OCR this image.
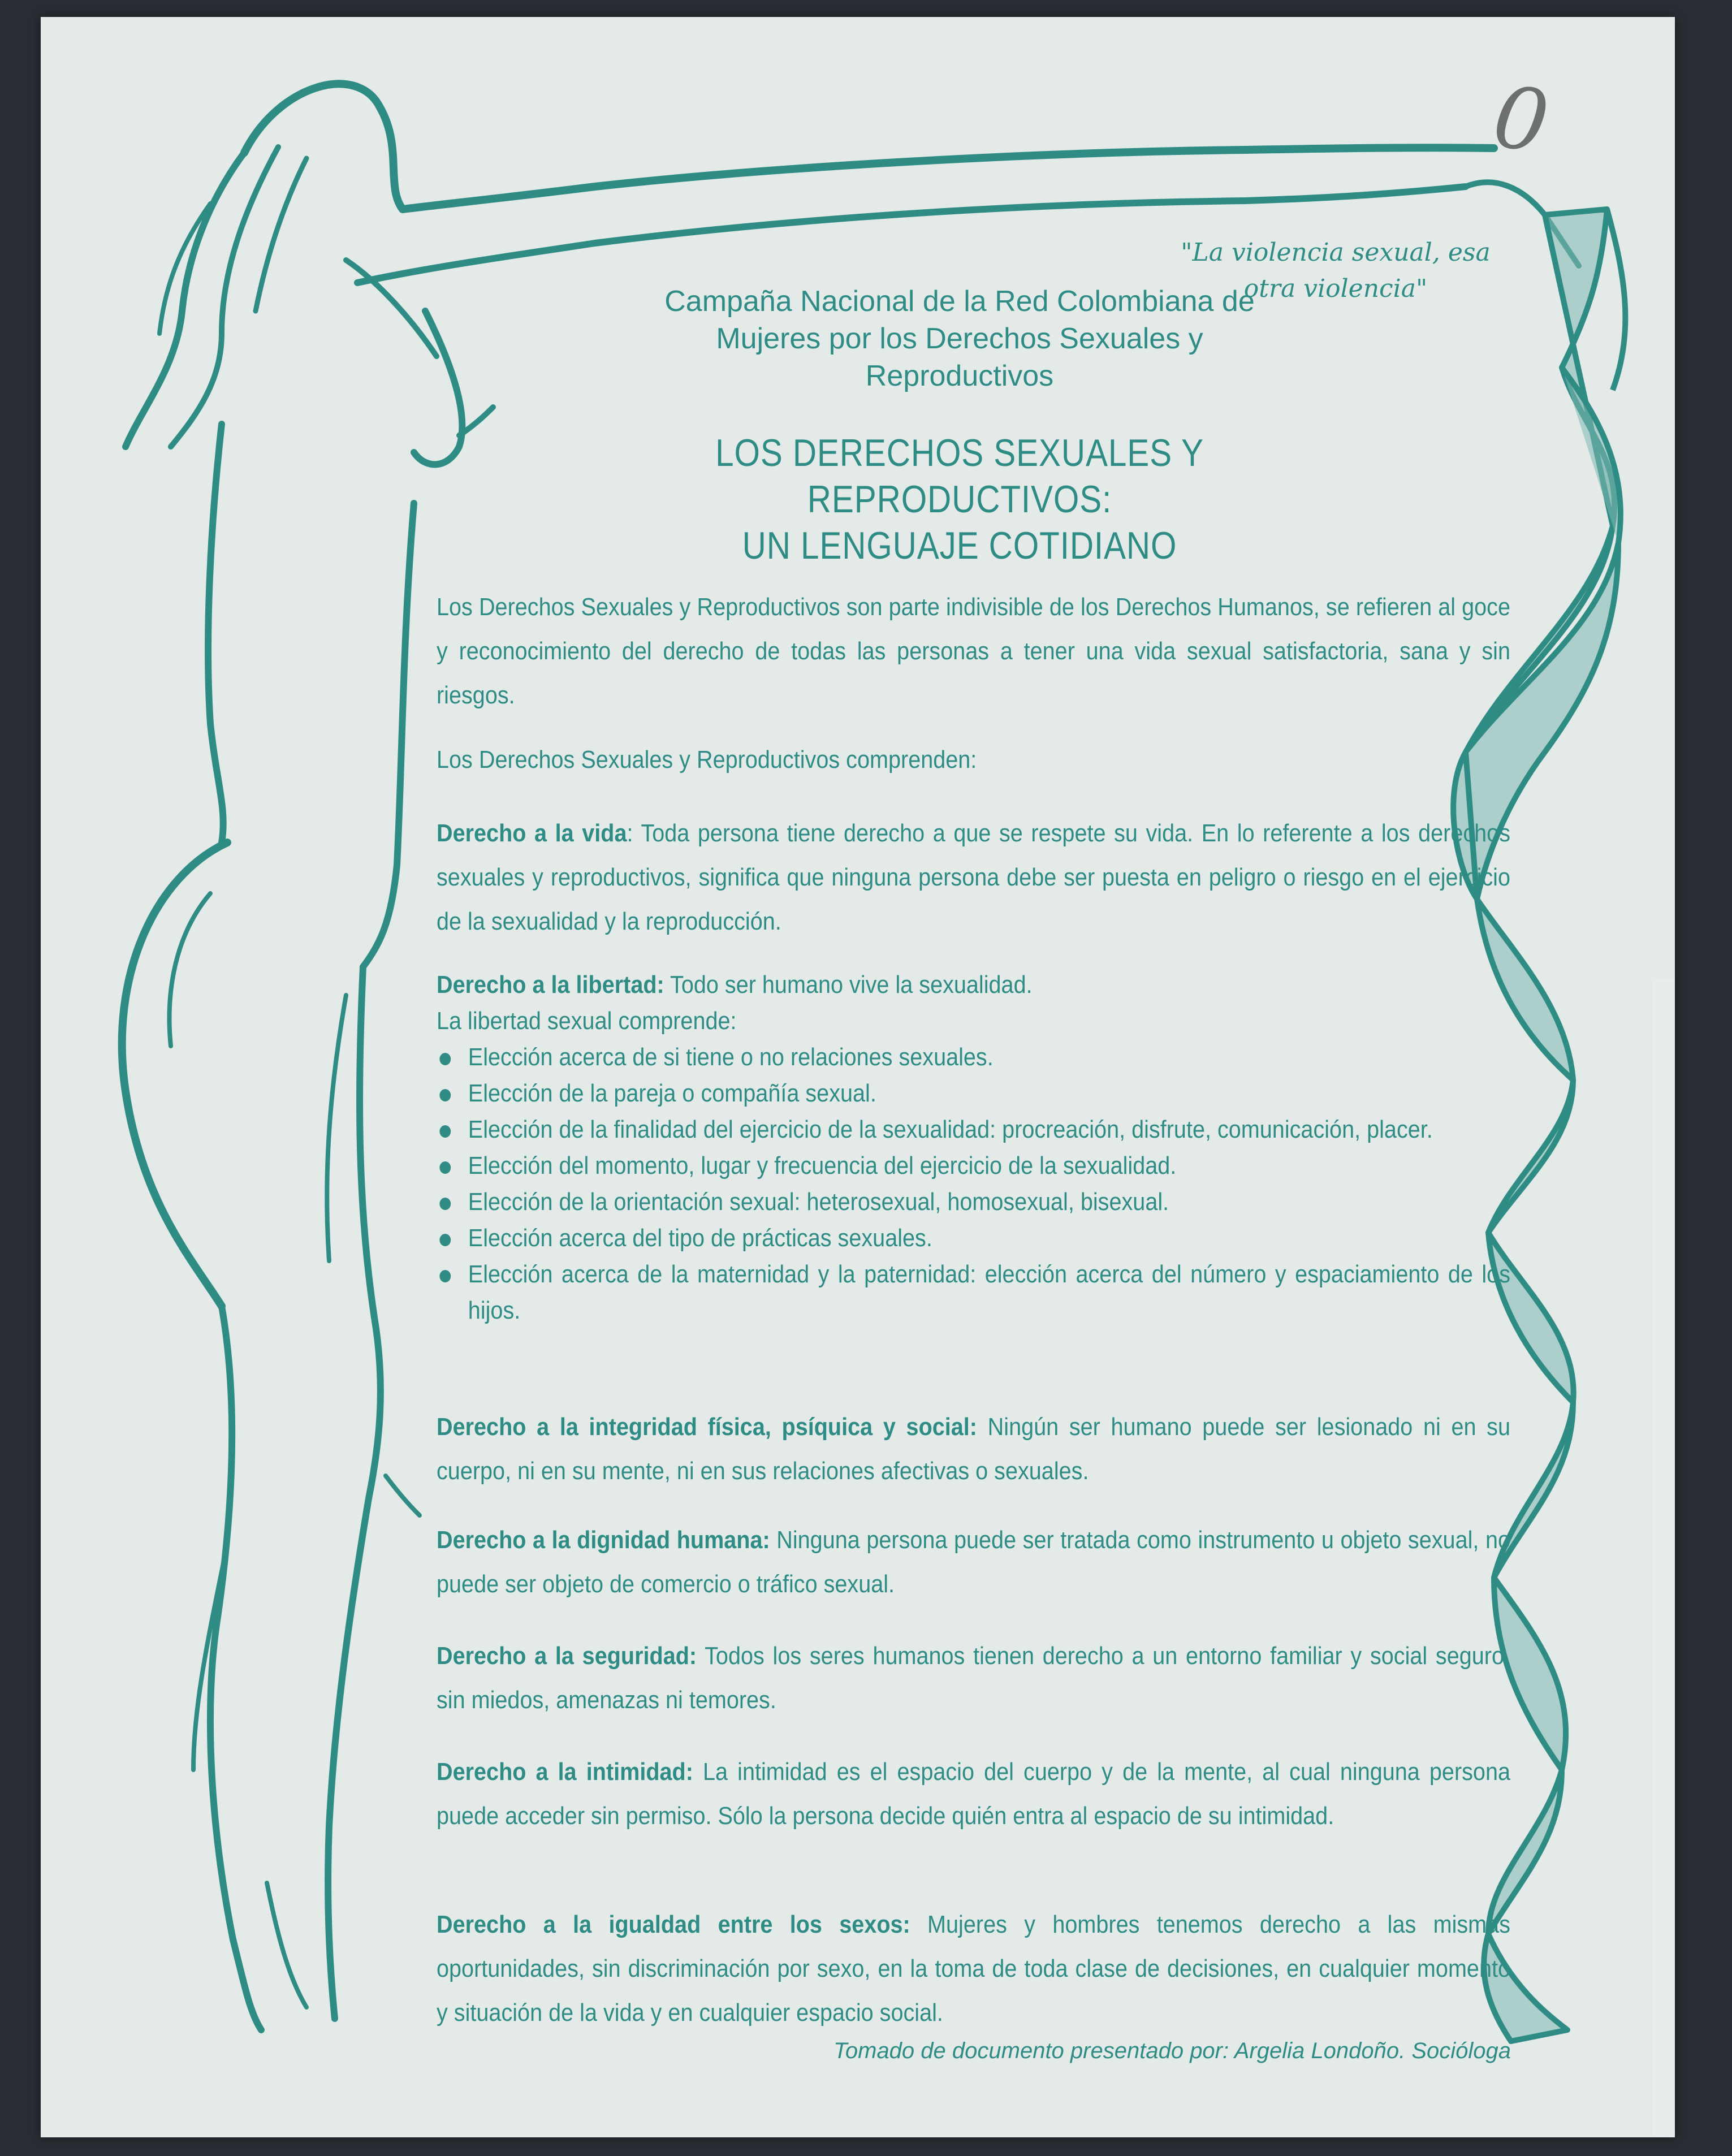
0
"La violencia sexual, esa otra violencia"
Campaña Nacional de la Red Colombiana de Mujeres por los Derechos Sexuales y Reproductivos
LOS DERECHOS SEXUALES Y REPRODUCTIVOS:
UN LENGUAJE COTIDIANO
Los Derechos Sexuales y Reproductivos son parte indivisible de los Derechos Humanos, se refieren al goce y reconocimiento del derecho de todas las personas a tener una vida sexual satisfactoria, sana y sin riesgos.
Los Derechos Sexuales y Reproductivos comprenden:
Derecho a la vida: Toda persona tiene derecho a que se respete su vida. En lo referente a los derechos sexuales y reproductivos, significa que ninguna persona debe ser puesta en peligro o riesgo en el ejercicio de la sexualidad y la reproducción.
Derecho a la libertad: Todo ser humano vive la sexualidad.
La libertad sexual comprende:
Elección acerca de si tiene o no relaciones sexuales.
Elección de la pareja o compañía sexual.
Elección de la finalidad del ejercicio de la sexualidad: procreación, disfrute, comunicación, placer.
Elección del momento, lugar y frecuencia del ejercicio de la sexualidad.
Elección de la orientación sexual: heterosexual, homosexual, bisexual.
Elección acerca del tipo de prácticas sexuales.
Elección acerca de la maternidad y la paternidad: elección acerca del número y espaciamiento de los hijos.
Derecho a la integridad física, psíquica y social: Ningún ser humano puede ser lesionado ni en su cuerpo, ni en su mente, ni en sus relaciones afectivas o sexuales.
Derecho a la dignidad humana: Ninguna persona puede ser tratada como instrumento u objeto sexual, no puede ser objeto de comercio o tráfico sexual.
Derecho a la seguridad: Todos los seres humanos tienen derecho a un entorno familiar y social seguro, sin miedos, amenazas ni temores.
Derecho a la intimidad: La intimidad es el espacio del cuerpo y de la mente, al cual ninguna persona puede acceder sin permiso. Sólo la persona decide quién entra al espacio de su intimidad.
Derecho a la igualdad entre los sexos: Mujeres y hombres tenemos derecho a las mismas oportunidades, sin discriminación por sexo, en la toma de toda clase de decisiones, en cualquier momento y situación de la vida y en cualquier espacio social.
Tomado de documento presentado por: Argelia Londoño. Socióloga
